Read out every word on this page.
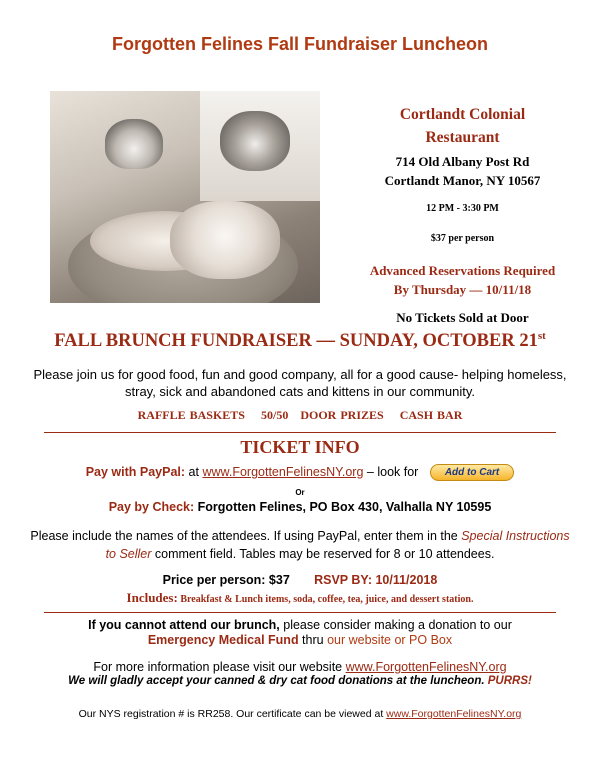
Forgotten Felines Fall Fundraiser Luncheon
Cortlandt Colonial
Restaurant
714 Old Albany Post Rd
Cortlandt Manor, NY 10567
12 PM - 3:30 PM
$37 per person
Advanced Reservations Required
By Thursday — 10/11/18
No Tickets Sold at Door
FALL BRUNCH FUNDRAISER — SUNDAY, OCTOBER 21st
Please join us for good food, fun and good company, all for a good cause- helping homeless, stray, sick and abandoned cats and kittens in our community.
RAFFLE BASKETS 50/50 DOOR PRIZES CASH BAR
TICKET INFO
Pay with PayPal: at www.ForgottenFelinesNY.org – look for	Add to Cart
Or
Pay by Check: Forgotten Felines, PO Box 430, Valhalla NY 10595
Please include the names of the attendees. If using PayPal, enter them in the Special Instructions to Seller comment field. Tables may be reserved for 8 or 10 attendees.
Price per person: $37 RSVP BY: 10/11/2018
Includes: Breakfast & Lunch items, soda, coffee, tea, juice, and dessert station.
If you cannot attend our brunch, please consider making a donation to our
Emergency Medical Fund thru our website or PO Box
For more information please visit our website www.ForgottenFelinesNY.org
We will gladly accept your canned & dry cat food donations at the luncheon. PURRS!
Our NYS registration # is RR258. Our certificate can be viewed at www.ForgottenFelinesNY.org
